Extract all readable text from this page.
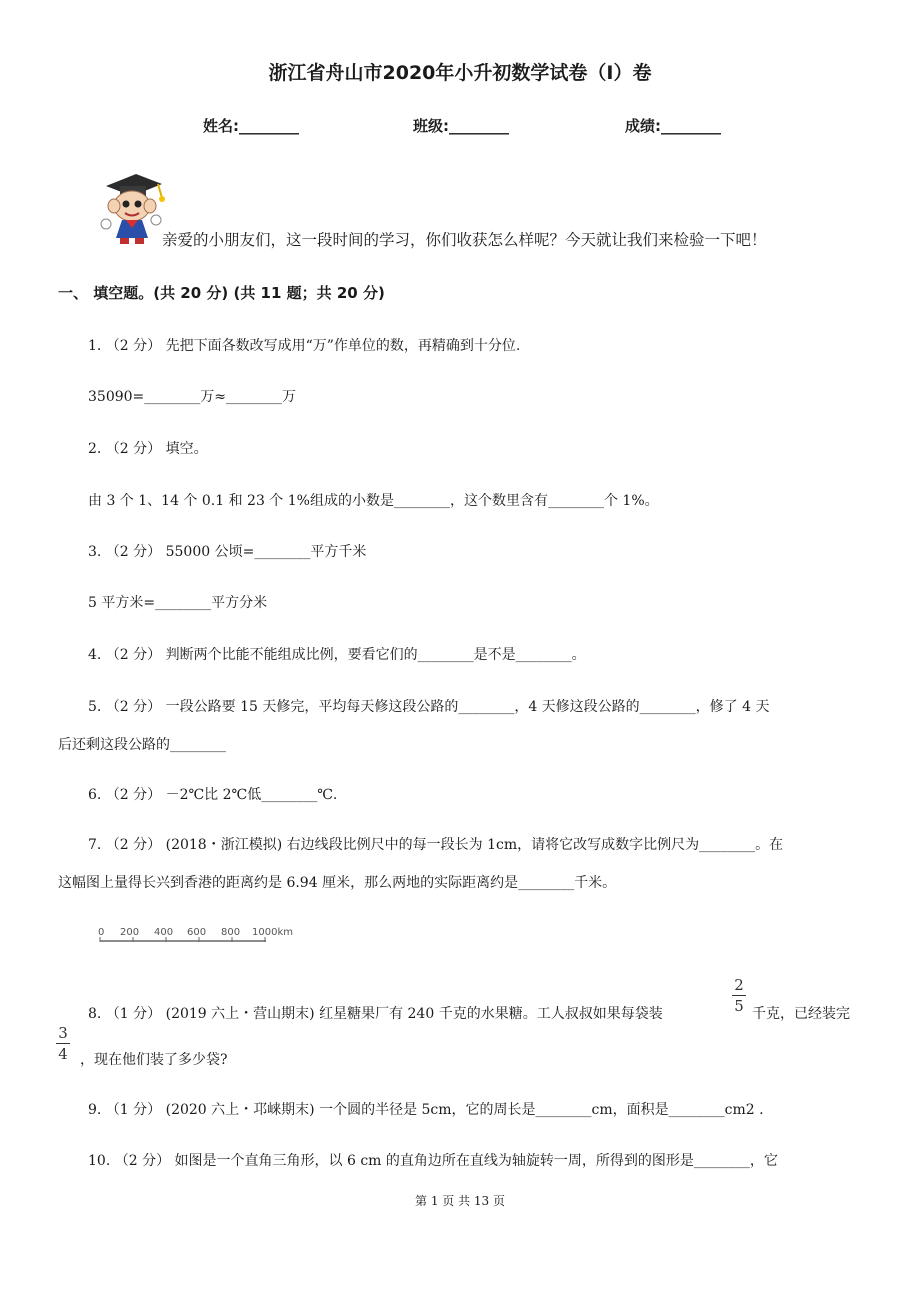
浙江省舟山市2020年小升初数学试卷（I）卷
姓名:________	班级:________	成绩:________
亲爱的小朋友们，这一段时间的学习，你们收获怎么样呢？今天就让我们来检验一下吧！
一、 填空题。(共 20 分) (共 11 题；共 20 分)
1. （2 分） 先把下面各数改写成用“万”作单位的数，再精确到十分位.
35090=________万≈________万
2. （2 分） 填空。
由 3 个 1、14 个 0.1 和 23 个 1%组成的小数是________，这个数里含有________个 1%。
3. （2 分） 55000 公顷=________平方千米
5 平方米=________平方分米
4. （2 分） 判断两个比能不能组成比例，要看它们的________是不是________。
5. （2 分） 一段公路要 15 天修完，平均每天修这段公路的________，4 天修这段公路的________，修了 4 天
后还剩这段公路的________
6. （2 分） －2℃比 2℃低________℃.
7. （2 分） (2018・浙江模拟) 右边线段比例尺中的每一段长为 1cm，请将它改写成数字比例尺为________。在
这幅图上量得长兴到香港的距离约是 6.94 厘米，那么两地的实际距离约是________千米。
0 200 400 600 800 1000km
8. （1 分） (2019 六上・营山期末) 红星糖果厂有 240 千克的水果糖。工人叔叔如果每袋装
2
5 千克，已经装完
3
4 ，现在他们装了多少袋?
9. （1 分） (2020 六上・邛崃期末) 一个圆的半径是 5cm，它的周长是________cm，面积是________cm2 .
10. （2 分） 如图是一个直角三角形，以 6 cm 的直角边所在直线为轴旋转一周，所得到的图形是________，它
第 1 页 共 13 页
